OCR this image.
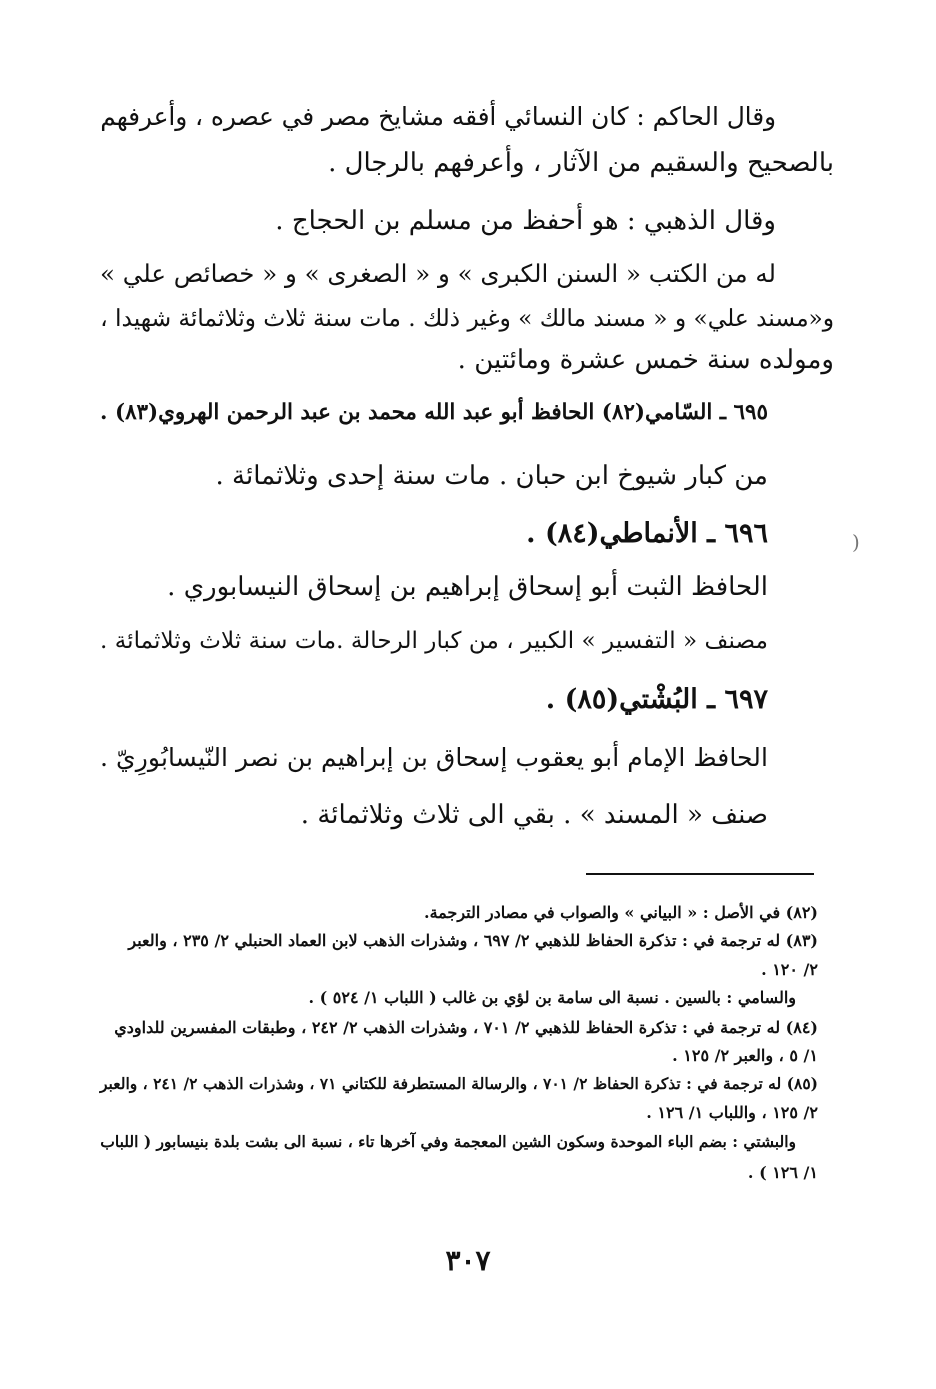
وقال الحاكم : كان النسائي أفقه مشايخ مصر في عصره ، وأعرفهم
بالصحيح والسقيم من الآثار ، وأعرفهم بالرجال .
وقال الذهبي : هو أحفظ من مسلم بن الحجاج .
له من الكتب « السنن الكبرى » و « الصغرى » و « خصائص علي »
و«مسند علي» و « مسند مالك » وغير ذلك . مات سنة ثلاث وثلاثمائة شهيدا ،
ومولده سنة خمس عشرة ومائتين .
٦٩٥ ـ السّامي(٨٢) الحافظ أبو عبد الله محمد بن عبد الرحمن الهروي(٨٣) .
من كبار شيوخ ابن حبان . مات سنة إحدى وثلاثمائة .
٦٩٦ ـ الأنماطي(٨٤) .
الحافظ الثبت أبو إسحاق إبراهيم بن إسحاق النيسابوري .
مصنف « التفسير » الكبير ، من كبار الرحالة .مات سنة ثلاث وثلاثمائة .
٦٩٧ ـ البُشْتي(٨٥) .
الحافظ الإمام أبو يعقوب إسحاق بن إبراهيم بن نصر النّيسابُورِيّ .
صنف « المسند » . بقي الى ثلاث وثلاثمائة .
(٨٢) في الأصل : « البياني » والصواب في مصادر الترجمة.
(٨٣) له ترجمة في : تذكرة الحفاظ للذهبي ٢/ ٦٩٧ ، وشذرات الذهب لابن العماد الحنبلي ٢/ ٢٣٥ ، والعبر
٢/ ١٢٠ .
والسامي : بالسين . نسبة الى سامة بن لؤي بن غالب ( اللباب ١/ ٥٢٤ ) .
(٨٤) له ترجمة في : تذكرة الحفاظ للذهبي ٢/ ٧٠١ ، وشذرات الذهب ٢/ ٢٤٢ ، وطبقات المفسرين للداودي
١/ ٥ ، والعبر ٢/ ١٢٥ .
(٨٥) له ترجمة في : تذكرة الحفاظ ٢/ ٧٠١ ، والرسالة المستطرفة للكتاني ٧١ ، وشذرات الذهب ٢/ ٢٤١ ، والعبر
٢/ ١٢٥ ، واللباب ١/ ١٢٦ .
والبشتي : بضم الباء الموحدة وسكون الشين المعجمة وفي آخرها تاء ، نسبة الى بشت بلدة بنيسابور ( اللباب
١/ ١٢٦ ) .
٣٠٧
(
